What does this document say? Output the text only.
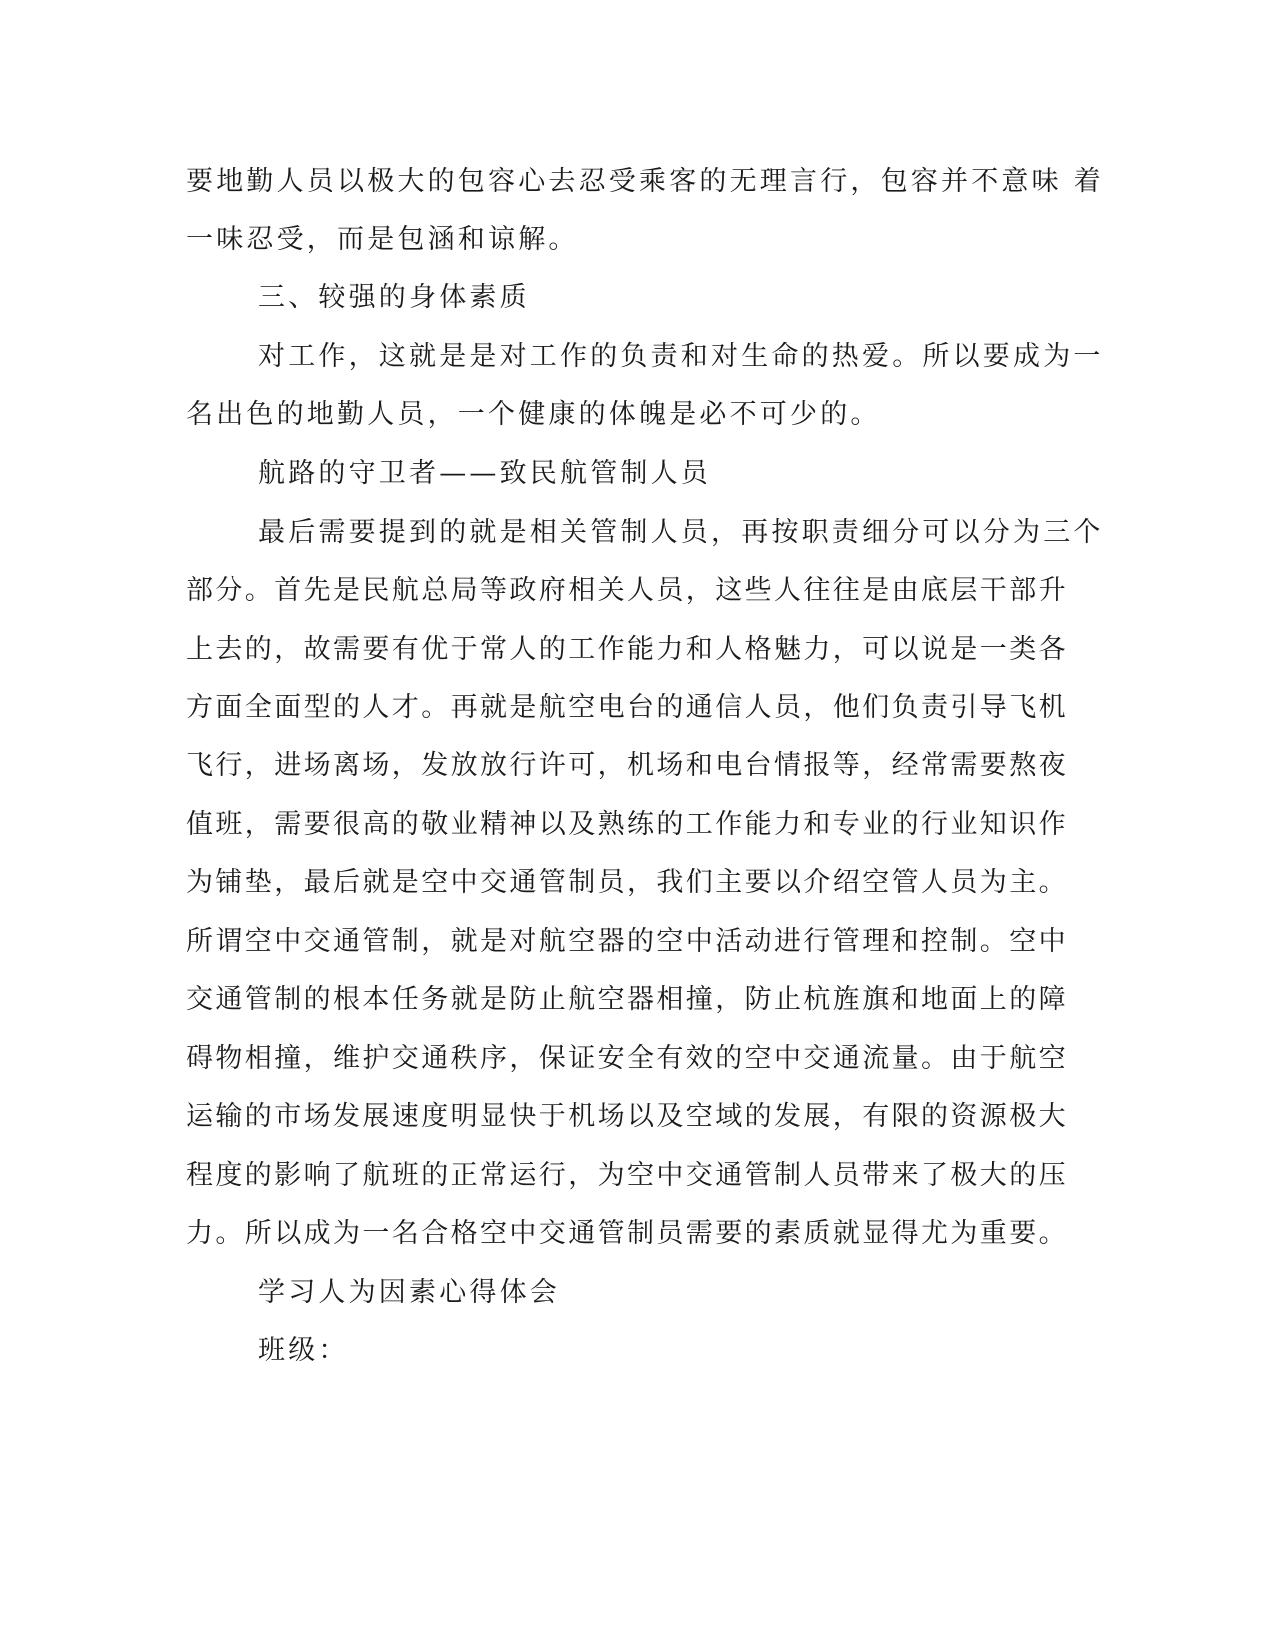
要地勤人员以极大的包容心去忍受乘客的无理言行，包容并不意味 着
一味忍受，而是包涵和谅解。
三、较强的身体素质
对工作，这就是是对工作的负责和对生命的热爱。所以要成为一
名出色的地勤人员，一个健康的体魄是必不可少的。
航路的守卫者——致民航管制人员
最后需要提到的就是相关管制人员，再按职责细分可以分为三个
部分。首先是民航总局等政府相关人员，这些人往往是由底层干部升
上去的，故需要有优于常人的工作能力和人格魅力，可以说是一类各
方面全面型的人才。再就是航空电台的通信人员，他们负责引导飞机
飞行，进场离场，发放放行许可，机场和电台情报等，经常需要熬夜
值班，需要很高的敬业精神以及熟练的工作能力和专业的行业知识作
为铺垫，最后就是空中交通管制员，我们主要以介绍空管人员为主。
所谓空中交通管制，就是对航空器的空中活动进行管理和控制。空中
交通管制的根本任务就是防止航空器相撞，防止杭旌旗和地面上的障
碍物相撞，维护交通秩序，保证安全有效的空中交通流量。由于航空
运输的市场发展速度明显快于机场以及空域的发展，有限的资源极大
程度的影响了航班的正常运行，为空中交通管制人员带来了极大的压
力。所以成为一名合格空中交通管制员需要的素质就显得尤为重要。
学习人为因素心得体会
班级：
